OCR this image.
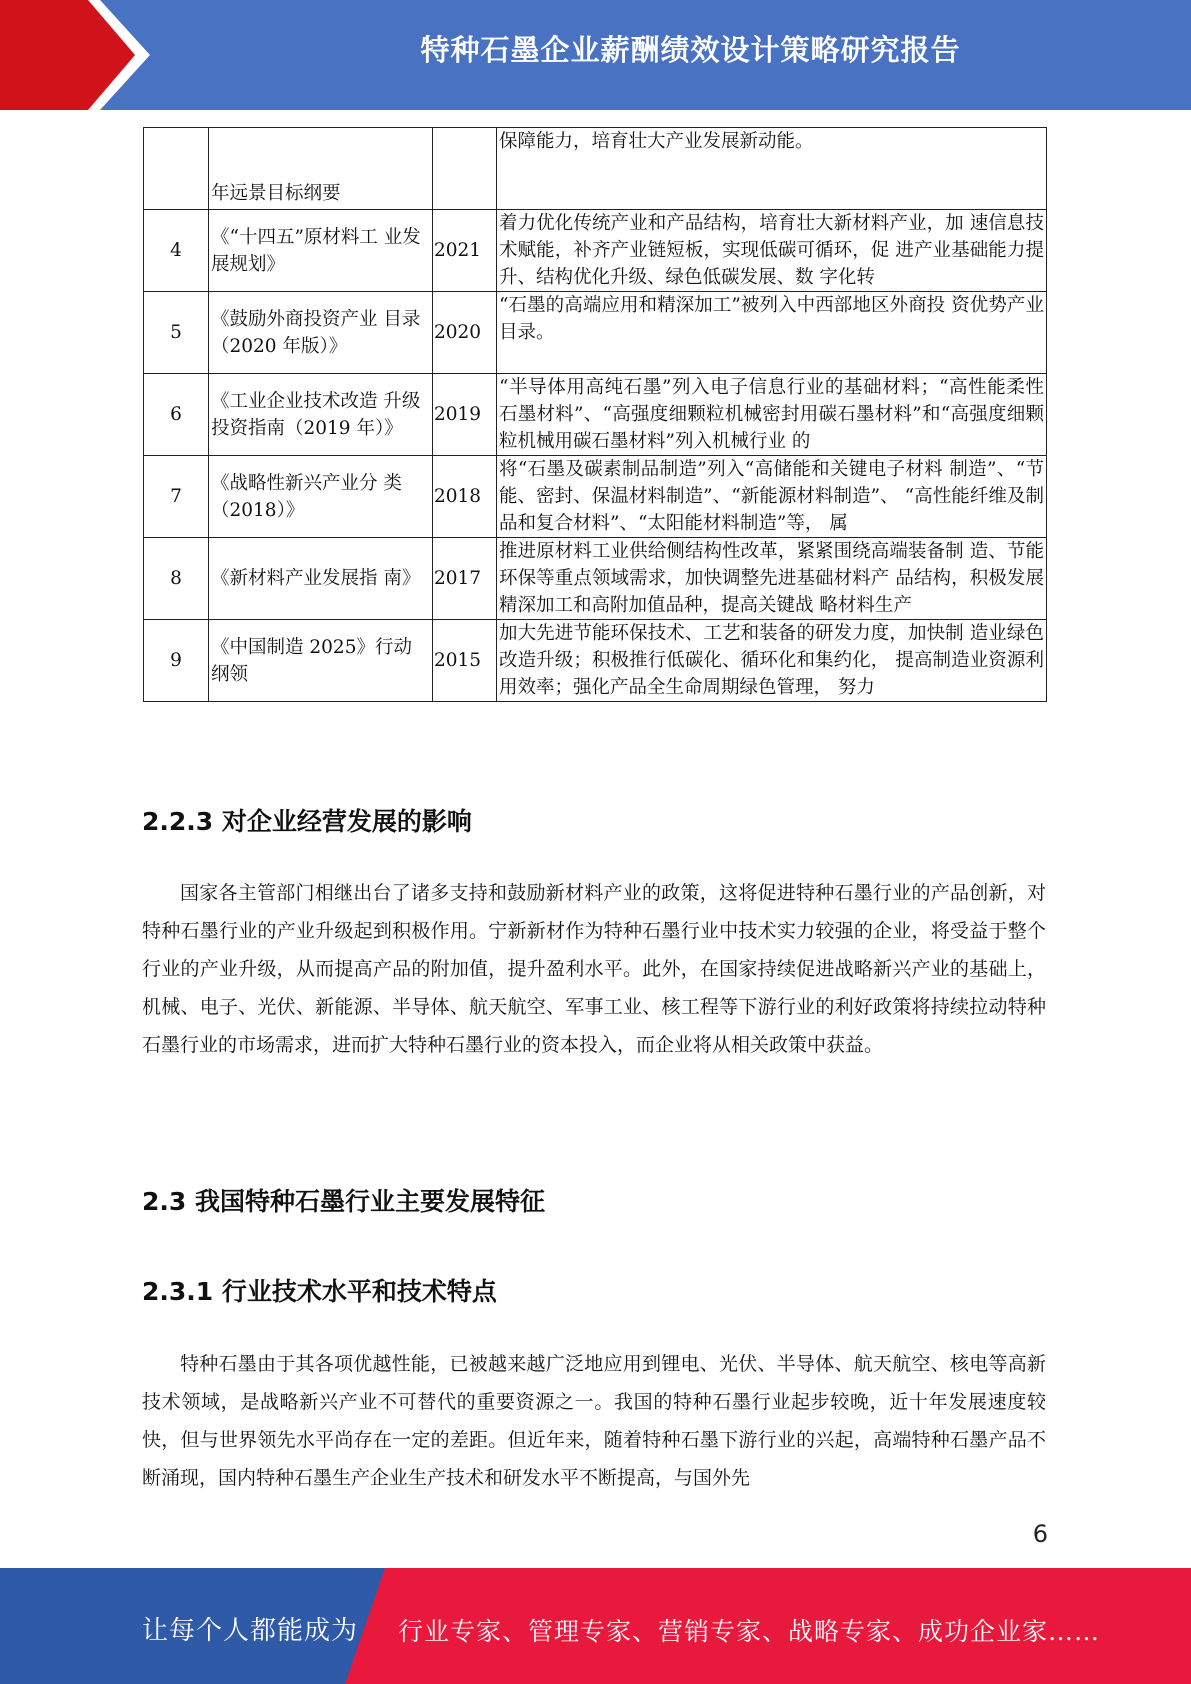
特种石墨企业薪酬绩效设计策略研究报告

	年远景目标纲要		保障能力，培育壮大产业发展新动能。

4	《“十四五”原材料工 业发展规划》	2021	着力优化传统产业和产品结构，培育壮大新材料产业，加 速信息技术赋能，补齐产业链短板，实现低碳可循环，促 进产业基础能力提升、结构优化升级、绿色低碳发展、数 字化转

5	《鼓励外商投资产业 目录（2020 年版）》	2020	“石墨的高端应用和精深加工”被列入中西部地区外商投 资优势产业目录。

6	《工业企业技术改造 升级投资指南（2019 年）》	2019	“半导体用高纯石墨”列入电子信息行业的基础材料；“高性能柔性石墨材料”、“高强度细颗粒机械密封用碳石墨材料”和“高强度细颗粒机械用碳石墨材料”列入机械行业 的

7	《战略性新兴产业分 类（2018）》	2018	将“石墨及碳素制品制造”列入“高储能和关键电子材料 制造”、“节能、密封、保温材料制造”、“新能源材料制造”、 “高性能纤维及制品和复合材料”、“太阳能材料制造”等， 属

8	《新材料产业发展指 南》	2017	推进原材料工业供给侧结构性改革，紧紧围绕高端装备制 造、节能环保等重点领域需求，加快调整先进基础材料产 品结构，积极发展精深加工和高附加值品种，提高关键战 略材料生产

9	《中国制造 2025》行动 纲领	2015	加大先进节能环保技术、工艺和装备的研发力度，加快制 造业绿色改造升级；积极推行低碳化、循环化和集约化， 提高制造业资源利用效率；强化产品全生命周期绿色管理， 努力
2.2.3 对企业经营发展的影响
国家各主管部门相继出台了诸多支持和鼓励新材料产业的政策，这将促进特种石墨行业的产品创新，对特种石墨行业的产业升级起到积极作用。宁新新材作为特种石墨行业中技术实力较强的企业，将受益于整个行业的产业升级，从而提高产品的附加值，提升盈利水平。此外，在国家持续促进战略新兴产业的基础上，机械、电子、光伏、新能源、半导体、航天航空、军事工业、核工程等下游行业的利好政策将持续拉动特种石墨行业的市场需求，进而扩大特种石墨行业的资本投入，而企业将从相关政策中获益。
2.3 我国特种石墨行业主要发展特征
2.3.1 行业技术水平和技术特点
特种石墨由于其各项优越性能，已被越来越广泛地应用到锂电、光伏、半导体、航天航空、核电等高新技术领域，是战略新兴产业不可替代的重要资源之一。我国的特种石墨行业起步较晚，近十年发展速度较快，但与世界领先水平尚存在一定的差距。但近年来，随着特种石墨下游行业的兴起，高端特种石墨产品不断涌现，国内特种石墨生产企业生产技术和研发水平不断提高，与国外先
6
让每个人都能成为 行业专家、管理专家、营销专家、战略专家、成功企业家……
